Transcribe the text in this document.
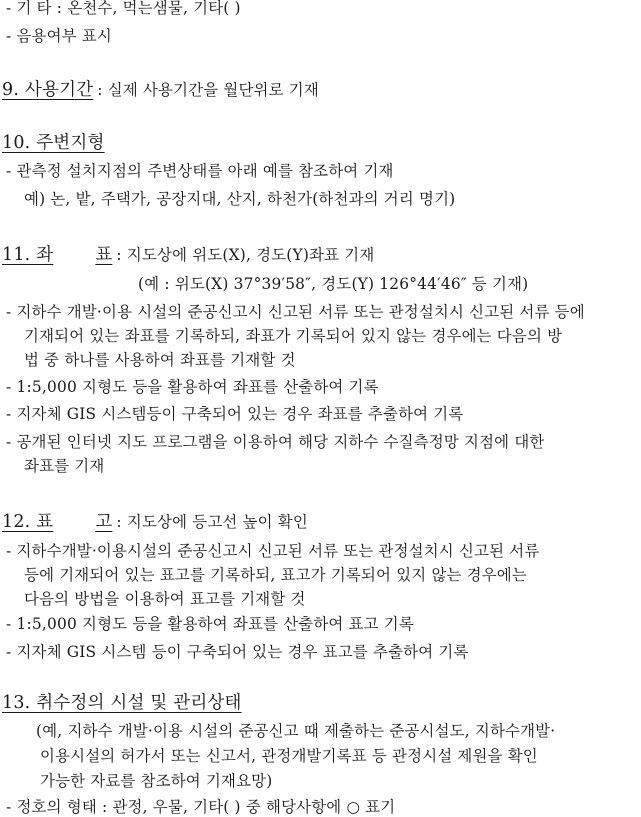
- 기 타 : 온천수, 먹는샘물, 기타( )
- 음용여부 표시
9. 사용기간 : 실제 사용기간을 월단위로 기재
10. 주변지형
- 관측정 설치지점의 주변상태를 아래 예를 참조하여 기재
예) 논, 밭, 주택가, 공장지대, 산지, 하천가(하천과의 거리 명기)
11. 좌 표 : 지도상에 위도(X), 경도(Y)좌표 기재
(예 : 위도(X) 37°39′58″, 경도(Y) 126°44′46″ 등 기재)
- 지하수 개발·이용 시설의 준공신고시 신고된 서류 또는 관정설치시 신고된 서류 등에
기재되어 있는 좌표를 기록하되, 좌표가 기록되어 있지 않는 경우에는 다음의 방
법 중 하나를 사용하여 좌표를 기재할 것
- 1:5,000 지형도 등을 활용하여 좌표를 산출하여 기록
- 지자체 GIS 시스템등이 구축되어 있는 경우 좌표를 추출하여 기록
- 공개된 인터넷 지도 프로그램을 이용하여 해당 지하수 수질측정망 지점에 대한
좌표를 기재
12. 표 고 : 지도상에 등고선 높이 확인
- 지하수개발·이용시설의 준공신고시 신고된 서류 또는 관정설치시 신고된 서류
등에 기재되어 있는 표고를 기록하되, 표고가 기록되어 있지 않는 경우에는
다음의 방법을 이용하여 표고를 기재할 것
- 1:5,000 지형도 등을 활용하여 좌표를 산출하여 표고 기록
- 지자체 GIS 시스템 등이 구축되어 있는 경우 표고를 추출하여 기록
13. 취수정의 시설 및 관리상태
(예, 지하수 개발·이용 시설의 준공신고 때 제출하는 준공시설도, 지하수개발·
이용시설의 허가서 또는 신고서, 관정개발기록표 등 관정시설 제원을 확인
가능한 자료를 참조하여 기재요망)
- 정호의 형태 : 관정, 우물, 기타( ) 중 해당사항에 ○ 표기
